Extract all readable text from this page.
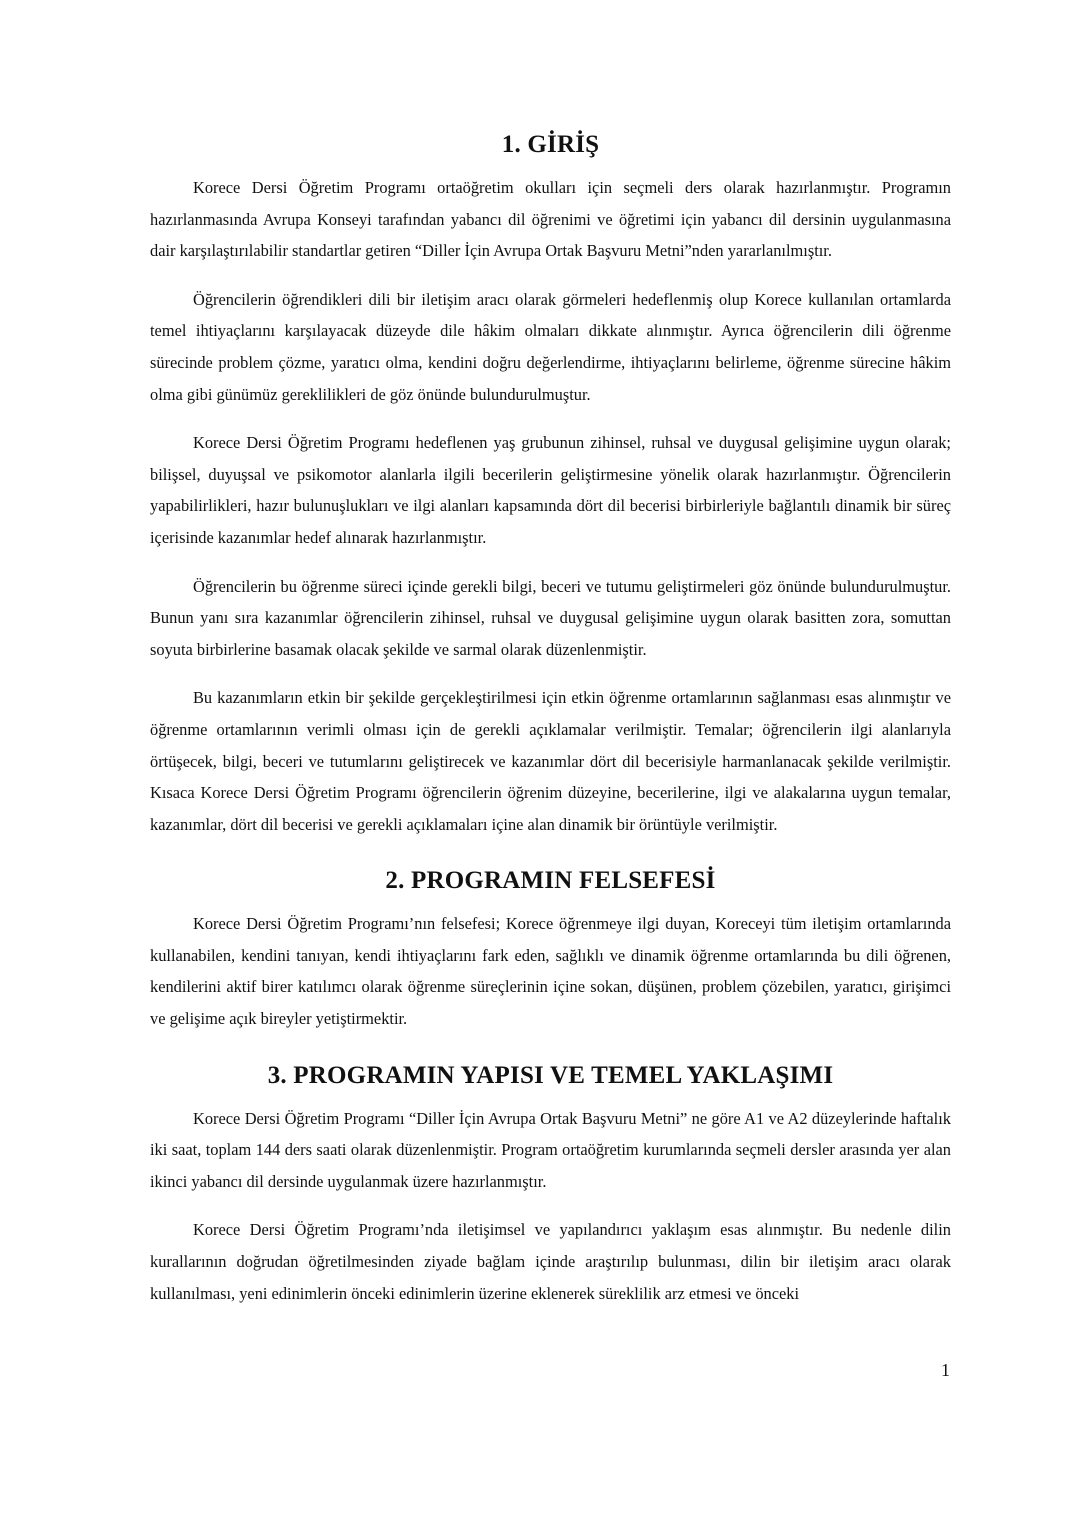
1. GİRİŞ

Korece Dersi Öğretim Programı ortaöğretim okulları için seçmeli ders olarak hazırlanmıştır. Programın hazırlanmasında Avrupa Konseyi tarafından yabancı dil öğrenimi ve öğretimi için yabancı dil dersinin uygulanmasına dair karşılaştırılabilir standartlar getiren “Diller İçin Avrupa Ortak Başvuru Metni”nden yararlanılmıştır.

Öğrencilerin öğrendikleri dili bir iletişim aracı olarak görmeleri hedeflenmiş olup Korece kullanılan ortamlarda temel ihtiyaçlarını karşılayacak düzeyde dile hâkim olmaları dikkate alınmıştır. Ayrıca öğrencilerin dili öğrenme sürecinde problem çözme, yaratıcı olma, kendini doğru değerlendirme, ihtiyaçlarını belirleme, öğrenme sürecine hâkim olma gibi günümüz gereklilikleri de göz önünde bulundurulmuştur.

Korece Dersi Öğretim Programı hedeflenen yaş grubunun zihinsel, ruhsal ve duygusal gelişimine uygun olarak; bilişsel, duyuşsal ve psikomotor alanlarla ilgili becerilerin geliştirmesine yönelik olarak hazırlanmıştır. Öğrencilerin yapabilirlikleri, hazır bulunuşlukları ve ilgi alanları kapsamında dört dil becerisi birbirleriyle bağlantılı dinamik bir süreç içerisinde kazanımlar hedef alınarak hazırlanmıştır.

Öğrencilerin bu öğrenme süreci içinde gerekli bilgi, beceri ve tutumu geliştirmeleri göz önünde bulundurulmuştur. Bunun yanı sıra kazanımlar öğrencilerin zihinsel, ruhsal ve duygusal gelişimine uygun olarak basitten zora, somuttan soyuta birbirlerine basamak olacak şekilde ve sarmal olarak düzenlenmiştir.

Bu kazanımların etkin bir şekilde gerçekleştirilmesi için etkin öğrenme ortamlarının sağlanması esas alınmıştır ve öğrenme ortamlarının verimli olması için de gerekli açıklamalar verilmiştir. Temalar; öğrencilerin ilgi alanlarıyla örtüşecek, bilgi, beceri ve tutumlarını geliştirecek ve kazanımlar dört dil becerisiyle harmanlanacak şekilde verilmiştir. Kısaca Korece Dersi Öğretim Programı öğrencilerin öğrenim düzeyine, becerilerine, ilgi ve alakalarına uygun temalar, kazanımlar, dört dil becerisi ve gerekli açıklamaları içine alan dinamik bir örüntüyle verilmiştir.

2. PROGRAMIN FELSEFESİ

Korece Dersi Öğretim Programı’nın felsefesi; Korece öğrenmeye ilgi duyan, Koreceyi tüm iletişim ortamlarında kullanabilen, kendini tanıyan, kendi ihtiyaçlarını fark eden, sağlıklı ve dinamik öğrenme ortamlarında bu dili öğrenen, kendilerini aktif birer katılımcı olarak öğrenme süreçlerinin içine sokan, düşünen, problem çözebilen, yaratıcı, girişimci ve gelişime açık bireyler yetiştirmektir.

3. PROGRAMIN YAPISI VE TEMEL YAKLAŞIMI

Korece Dersi Öğretim Programı “Diller İçin Avrupa Ortak Başvuru Metni” ne göre A1 ve A2 düzeylerinde haftalık iki saat, toplam 144 ders saati olarak düzenlenmiştir. Program ortaöğretim kurumlarında seçmeli dersler arasında yer alan ikinci yabancı dil dersinde uygulanmak üzere hazırlanmıştır.

Korece Dersi Öğretim Programı’nda iletişimsel ve yapılandırıcı yaklaşım esas alınmıştır. Bu nedenle dilin kurallarının doğrudan öğretilmesinden ziyade bağlam içinde araştırılıp bulunması, dilin bir iletişim aracı olarak kullanılması, yeni edinimlerin önceki edinimlerin üzerine eklenerek süreklilik arz etmesi ve önceki

1
